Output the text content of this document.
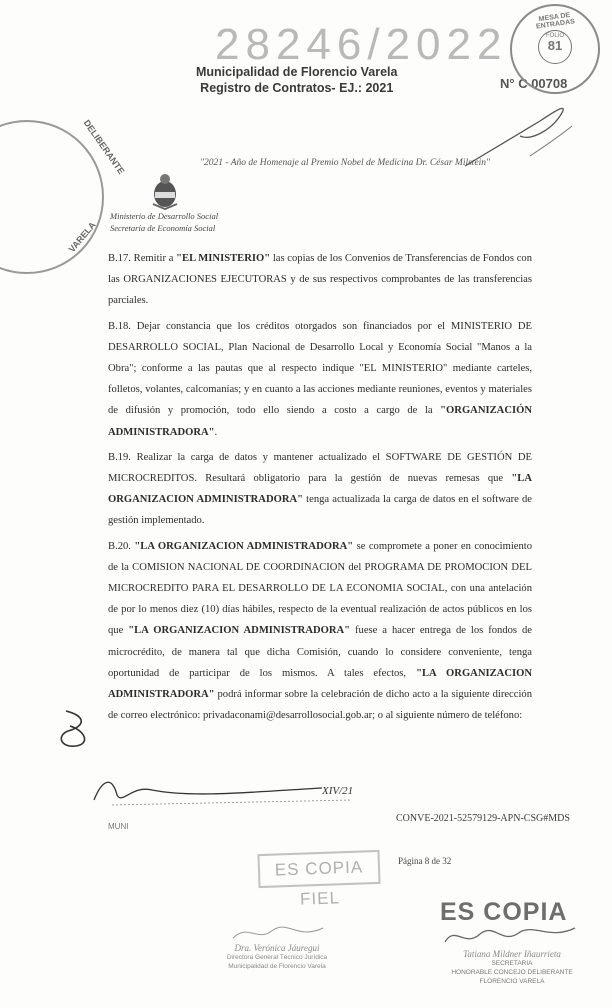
28246/2022
Municipalidad de Florencio Varela
Registro de Contratos- EJ.: 2021	N° C 00708
MESA DE ENTRADAS
FOLIO
81
DELIBERANTE
VARELA
"2021 - Año de Homenaje al Premio Nobel de Medicina Dr. César Milstein"
Ministerio de Desarrollo Social
Secretaría de Economía Social

B.17. Remitir a "EL MINISTERIO" las copias de los Convenios de Transferencias de Fondos con las ORGANIZACIONES EJECUTORAS y de sus respectivos comprobantes de las transferencias parciales.

B.18. Dejar constancia que los créditos otorgados son financiados por el MINISTERIO DE DESARROLLO SOCIAL, Plan Nacional de Desarrollo Local y Economía Social "Manos a la Obra"; conforme a las pautas que al respecto indique "EL MINISTERIO" mediante carteles, folletos, volantes, calcomanías; y en cuanto a las acciones mediante reuniones, eventos y materiales de difusión y promoción, todo ello siendo a costo a cargo de la "ORGANIZACIÓN ADMINISTRADORA".

B.19. Realizar la carga de datos y mantener actualizado el SOFTWARE DE GESTIÓN DE MICROCREDITOS. Resultará obligatorio para la gestión de nuevas remesas que "LA ORGANIZACION ADMINISTRADORA" tenga actualizada la carga de datos en el software de gestión implementado.

B.20. "LA ORGANIZACION ADMINISTRADORA" se compromete a poner en conocimiento de la COMISION NACIONAL DE COORDINACION del PROGRAMA DE PROMOCION DEL MICROCREDITO PARA EL DESARROLLO DE LA ECONOMIA SOCIAL, con una antelación de por lo menos diez (10) días hábiles, respecto de la eventual realización de actos públicos en los que "LA ORGANIZACION ADMINISTRADORA" fuese a hacer entrega de los fondos de microcrédito, de manera tal que dicha Comisión, cuando lo considere conveniente, tenga oportunidad de participar de los mismos. A tales efectos, "LA ORGANIZACION ADMINISTRADORA" podrá informar sobre la celebración de dicho acto a la siguiente dirección de correo electrónico: privadaconami@desarrollosocial.gob.ar; o al siguiente número de teléfono:

XIV/21
MUNI
CONVE-2021-52579129-APN-CSG#MDS
Página 8 de 32
ES COPIA FIEL	ES COPIA
Dra. Verónica Jáuregui
Directora General Técnico Jurídica
Municipalidad de Florencio Varela
Tatiana Mildner Iñaurrieta
SECRETARIA
HONORABLE CONCEJO DELIBERANTE
FLORENCIO VARELA
